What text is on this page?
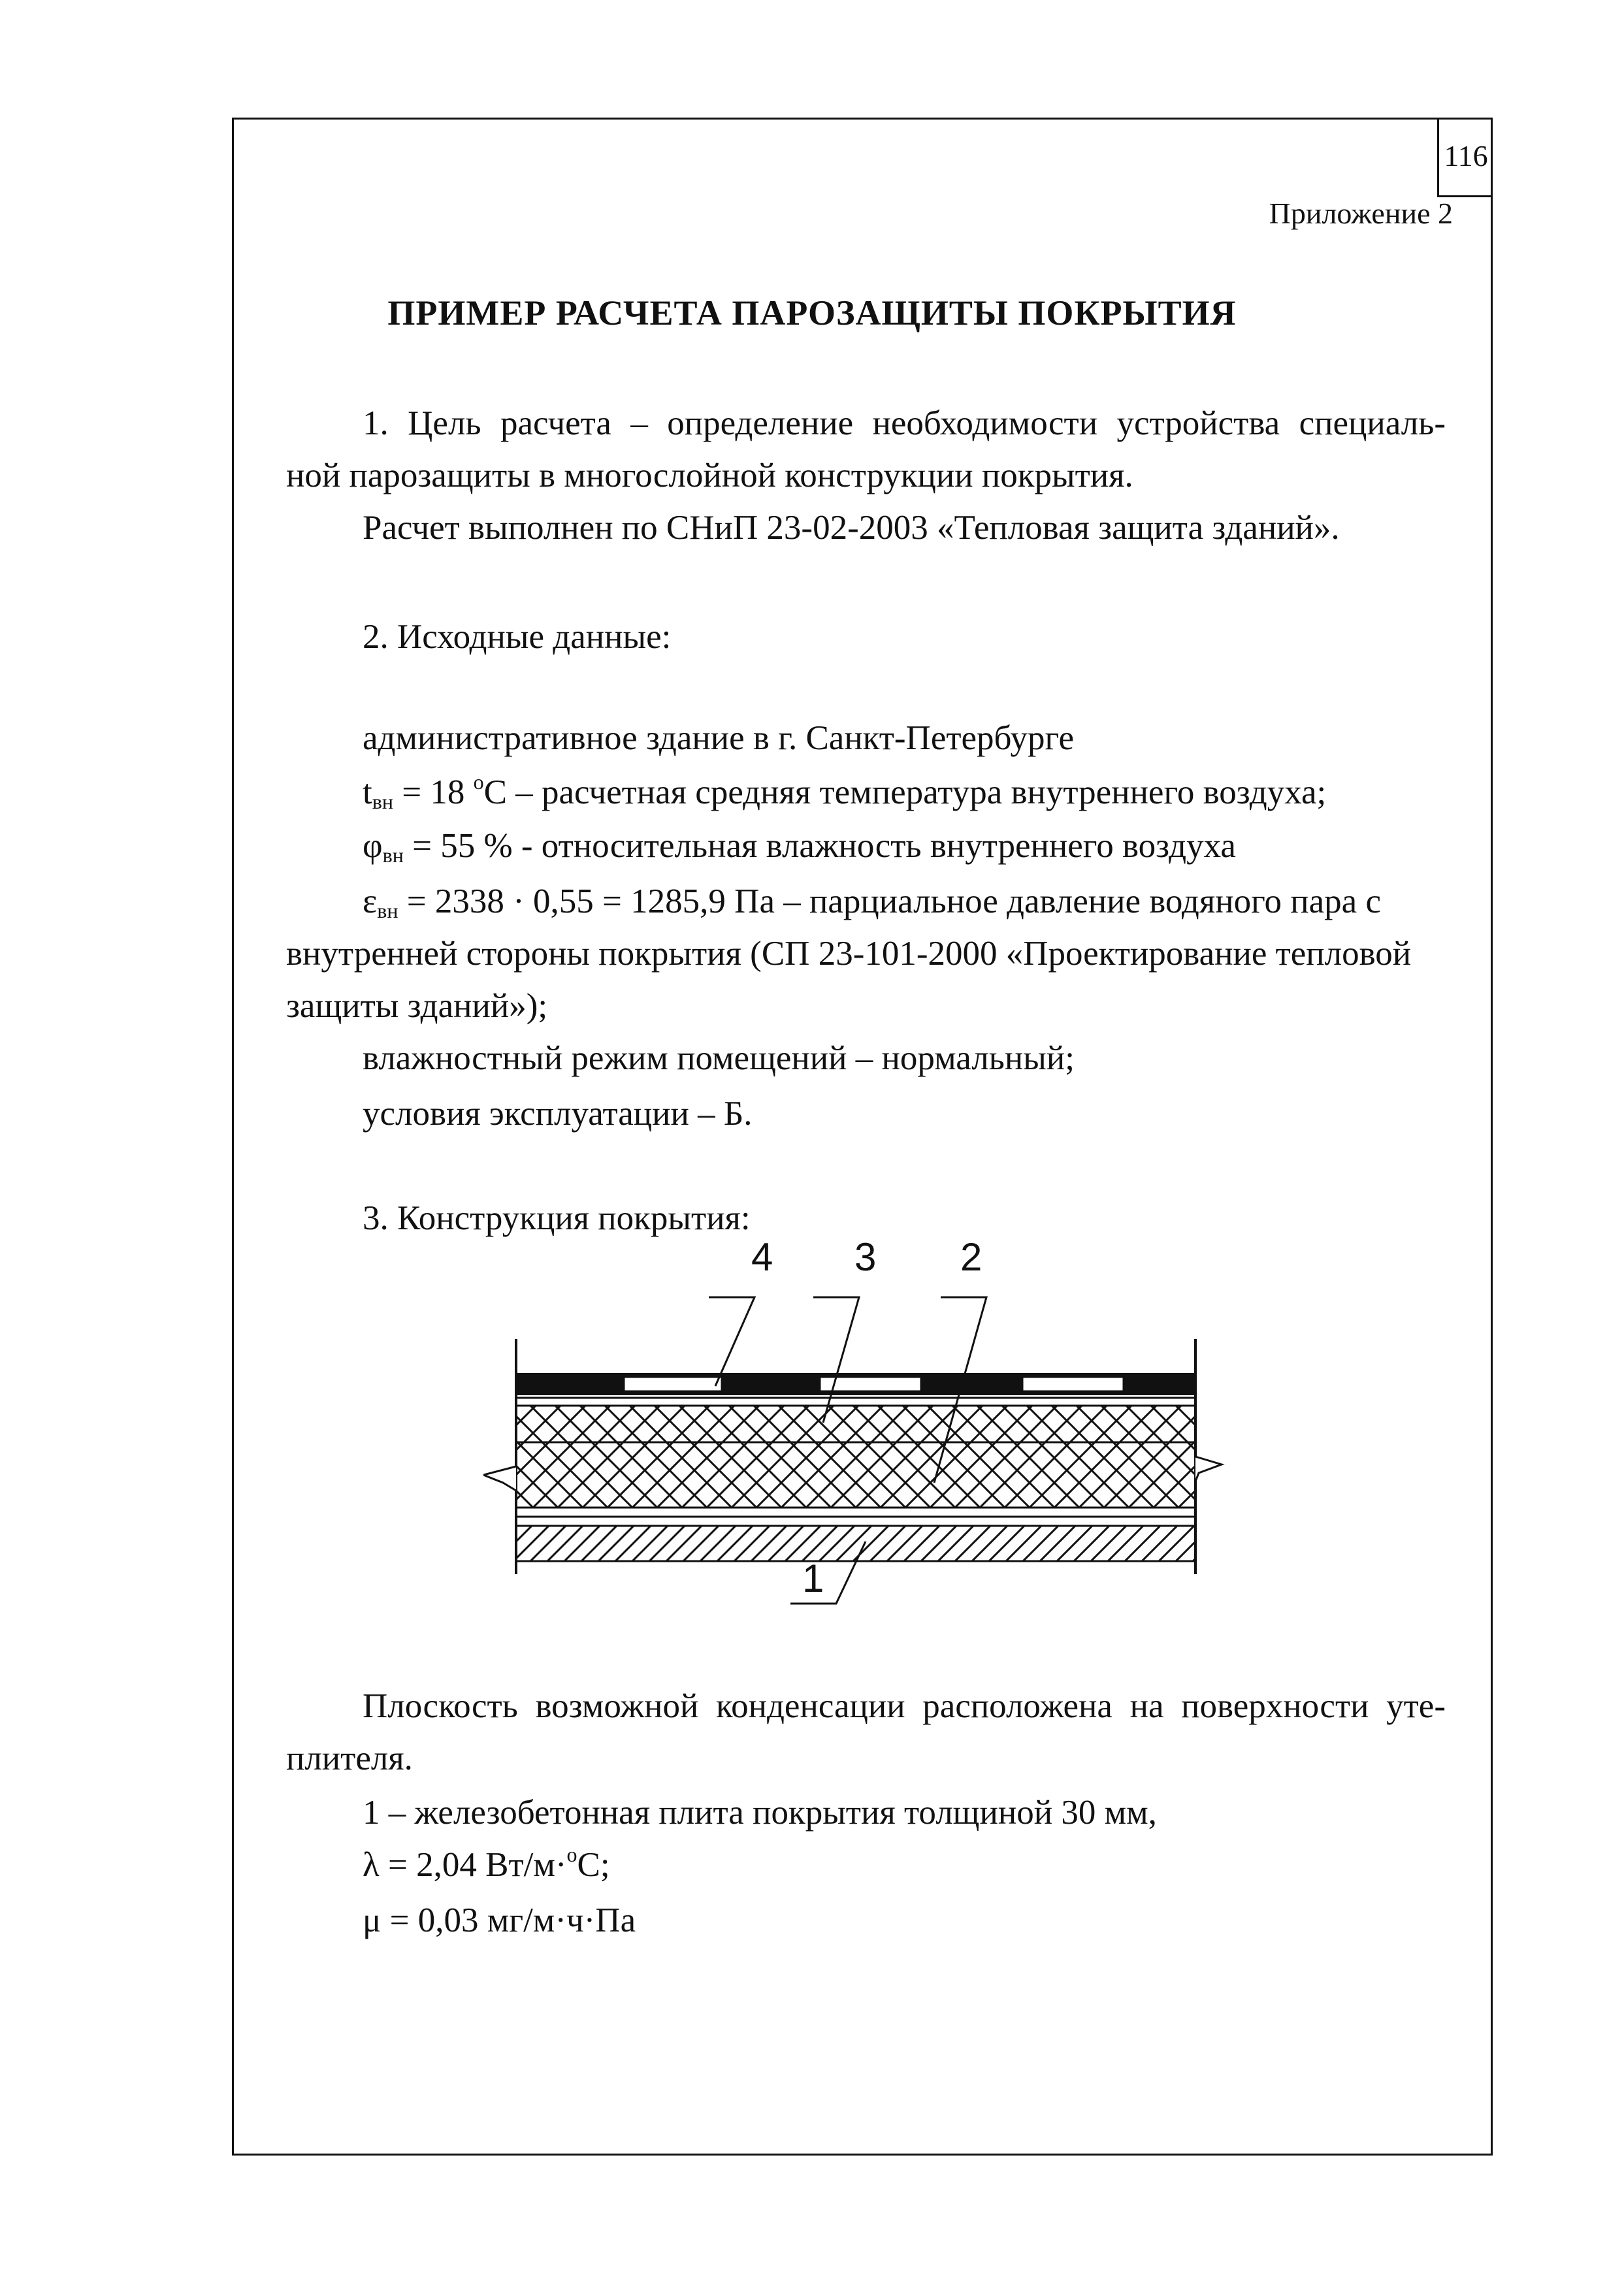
116
Приложение 2
ПРИМЕР РАСЧЕТА ПАРОЗАЩИТЫ ПОКРЫТИЯ
1. Цель расчета – определение необходимости устройства специаль-
ной парозащиты в многослойной конструкции покрытия.
Расчет выполнен по СНиП 23-02-2003 «Тепловая защита зданий».
2. Исходные данные:
административное здание в г. Санкт-Петербурге
$t_{вн} = 18$ $^o$С – расчетная средняя температура внутреннего воздуха;
$\varphi_{вн} = 55$ % - относительная влажность внутреннего воздуха
$\varepsilon_{вн} = 2338 \cdot 0,55 = 1285,9$ Па – парциальное давление водяного пара с
внутренней стороны покрытия (СП 23-101-2000 «Проектирование тепловой
защиты зданий»);
влажностный режим помещений – нормальный;
условия эксплуатации – Б.
3. Конструкция покрытия:
4 3 2
1
Плоскость возможной конденсации расположена на поверхности уте-
плителя.
1 – железобетонная плита покрытия толщиной 30 мм,
λ = 2,04 Вт/м·$^o$С;
μ = 0,03 мг/м·ч·Па
